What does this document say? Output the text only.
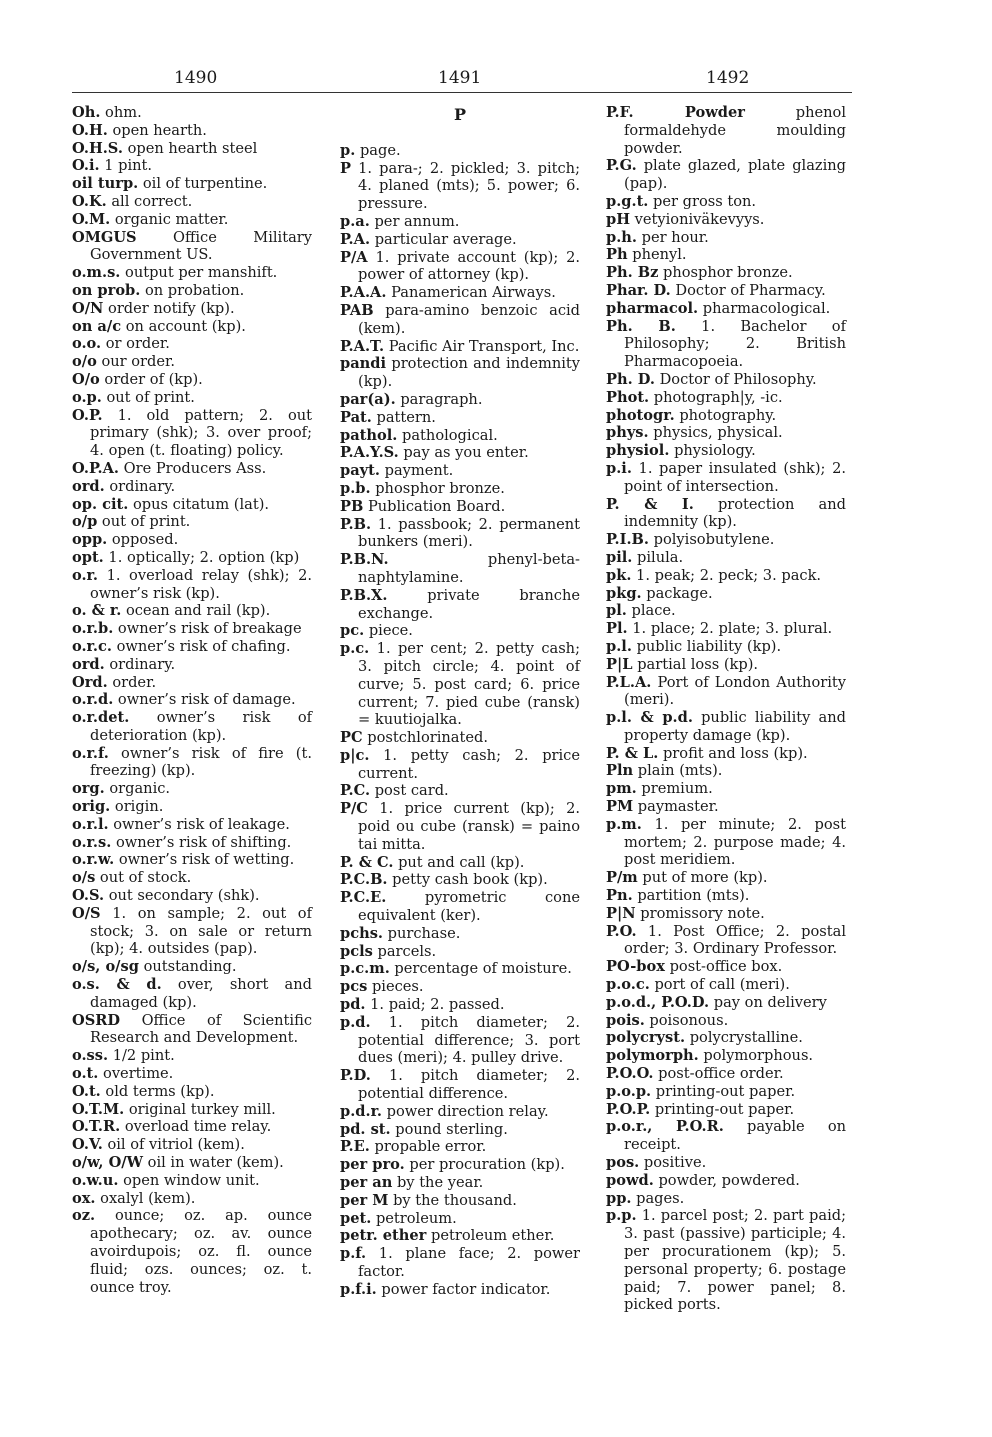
1490	1491	1492
Oh. ohm.
O.H. open hearth.
O.H.S. open hearth steel
O.i. 1 pint.
oil turp. oil of turpentine.
O.K. all correct.
O.M. organic matter.
OMGUS Office Military Government US.
o.m.s. output per manshift.
on prob. on probation.
O/N order notify (kp).
on a/c on account (kp).
o.o. or order.
o/o our order.
O/o order of (kp).
o.p. out of print.
O.P. 1. old pattern; 2. out primary (shk); 3. over proof; 4. open (t. floating) policy.
O.P.A. Ore Producers Ass.
ord. ordinary.
op. cit. opus citatum (lat).
o/p out of print.
opp. opposed.
opt. 1. optically; 2. option (kp)
o.r. 1. overload relay (shk); 2. owner’s risk (kp).
o. & r. ocean and rail (kp).
o.r.b. owner’s risk of breakage
o.r.c. owner’s risk of chafing.
ord. ordinary.
Ord. order.
o.r.d. owner’s risk of damage.
o.r.det. owner’s risk of deterioration (kp).
o.r.f. owner’s risk of fire (t. freezing) (kp).
org. organic.
orig. origin.
o.r.l. owner’s risk of leakage.
o.r.s. owner’s risk of shifting.
o.r.w. owner’s risk of wetting.
o/s out of stock.
O.S. out secondary (shk).
O/S 1. on sample; 2. out of stock; 3. on sale or return (kp); 4. outsides (pap).
o/s, o/sg outstanding.
o.s. & d. over, short and damaged (kp).
OSRD Office of Scientific Research and Development.
o.ss. 1/2 pint.
o.t. overtime.
O.t. old terms (kp).
O.T.M. original turkey mill.
O.T.R. overload time relay.
O.V. oil of vitriol (kem).
o/w, O/W oil in water (kem).
o.w.u. open window unit.
ox. oxalyl (kem).
oz. ounce; oz. ap. ounce apothecary; oz. av. ounce avoirdupois; oz. fl. ounce fluid; ozs. ounces; oz. t. ounce troy.
P
p. page.
P 1. para-; 2. pickled; 3. pitch; 4. planed (mts); 5. power; 6. pressure.
p.a. per annum.
P.A. particular average.
P/A 1. private account (kp); 2. power of attorney (kp).
P.A.A. Panamerican Airways.
PAB para-amino benzoic acid (kem).
P.A.T. Pacific Air Transport, Inc.
pandi protection and indemnity (kp).
par(a). paragraph.
Pat. pattern.
pathol. pathological.
P.A.Y.S. pay as you enter.
payt. payment.
p.b. phosphor bronze.
PB Publication Board.
P.B. 1. passbook; 2. permanent bunkers (meri).
P.B.N.	phenyl-beta-naphtylamine.
P.B.X.	private branche exchange.
pc. piece.
p.c. 1. per cent; 2. petty cash; 3. pitch circle; 4. point of curve; 5. post card; 6. price current; 7. pied cube (ransk) = kuutiojalka.
PC postchlorinated.
p|c. 1. petty cash; 2. price current.
P.C. post card.
P/C 1. price current (kp); 2. poid ou cube (ransk) = paino tai mitta.
P. & C. put and call (kp).
P.C.B. petty cash book (kp).
P.C.E.	pyrometric cone equivalent (ker).
pchs. purchase.
pcls parcels.
p.c.m. percentage of moisture.
pcs pieces.
pd. 1. paid; 2. passed.
p.d. 1. pitch diameter; 2. potential difference; 3. port dues (meri); 4. pulley drive.
P.D. 1. pitch diameter; 2. potential difference.
p.d.r. power direction relay.
pd. st. pound sterling.
P.E. propable error.
per pro. per procuration (kp).
per an by the year.
per M by the thousand.
pet. petroleum.
petr. ether petroleum ether.
p.f. 1. plane face; 2. power factor.
p.f.i. power factor indicator.
P.F. Powder	phenol formaldehyde moulding powder.
P.G. plate glazed, plate glazing (pap).
p.g.t. per gross ton.
pH vetyioniväkevyys.
p.h. per hour.
Ph phenyl.
Ph. Bz phosphor bronze.
Phar. D. Doctor of Pharmacy.
pharmacol. pharmacological.
Ph. B. 1. Bachelor of Philosophy; 2. British Pharmacopoeia.
Ph. D. Doctor of Philosophy.
Phot. photograph|y, -ic.
photogr. photography.
phys. physics, physical.
physiol. physiology.
p.i. 1. paper insulated (shk); 2. point of intersection.
P. & I. protection and indemnity (kp).
P.I.B. polyisobutylene.
pil. pilula.
pk. 1. peak; 2. peck; 3. pack.
pkg. package.
pl. place.
Pl. 1. place; 2. plate; 3. plural.
p.l. public liability (kp).
P|L partial loss (kp).
P.L.A. Port of London Authority (meri).
p.l. & p.d. public liability and property damage (kp).
P. & L. profit and loss (kp).
Pln plain (mts).
pm. premium.
PM paymaster.
p.m. 1. per minute; 2. post mortem; 2. purpose made; 4. post meridiem.
P/m put of more (kp).
Pn. partition (mts).
P|N promissory note.
P.O. 1. Post Office; 2. postal order; 3. Ordinary Professor.
PO-box post-office box.
p.o.c. port of call (meri).
p.o.d., P.O.D. pay on delivery
pois. poisonous.
polycryst. polycrystalline.
polymorph. polymorphous.
P.O.O. post-office order.
p.o.p. printing-out paper.
P.O.P. printing-out paper.
p.o.r., P.O.R. payable on receipt.
pos. positive.
powd. powder, powdered.
pp. pages.
p.p. 1. parcel post; 2. part paid; 3. past (passive) participle; 4. per procurationem (kp); 5. personal property; 6. postage paid; 7. power panel; 8. picked ports.
